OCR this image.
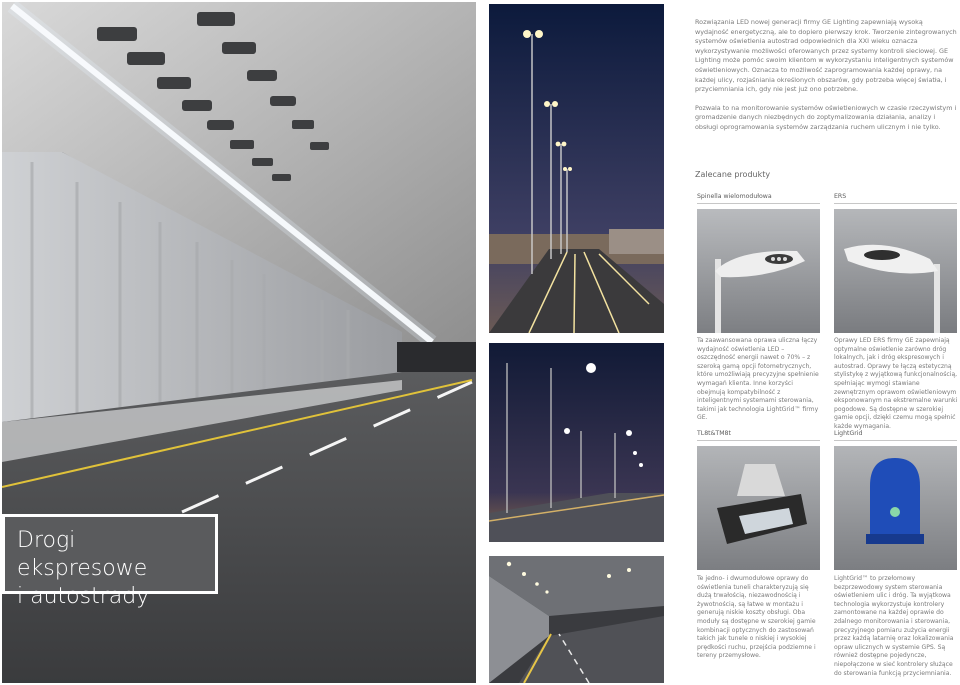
Drogi ekspresowe
i autostrady

Rozwiązania LED nowej generacji firmy GE Lighting zapewniają wysoką wydajność energetyczną, ale to dopiero pierwszy krok. Tworzenie zintegrowanych systemów oświetlenia autostrad odpowiednich dla XXI wieku oznacza wykorzystywanie możliwości oferowanych przez systemy kontroli sieciowej. GE Lighting może pomóc swoim klientom w wykorzystaniu inteligentnych systemów oświetleniowych. Oznacza to możliwość zaprogramowania każdej oprawy, na każdej ulicy, rozjaśniania określonych obszarów, gdy potrzeba więcej światła, i przyciemniania ich, gdy nie jest już ono potrzebne.

Pozwala to na monitorowanie systemów oświetleniowych w czasie rzeczywistym i gromadzenie danych niezbędnych do zoptymalizowania działania, analizy i obsługi oprogramowania systemów zarządzania ruchem ulicznym i nie tylko.

Zalecane produkty
Spinella wielomodułowa
Ta zaawansowana oprawa uliczna łączy wydajność oświetlenia LED – oszczędność energii nawet o 70% – z szeroką gamą opcji fotometrycznych, które umożliwiają precyzyjne spełnienie wymagań klienta. Inne korzyści obejmują kompatybilność z inteligentnymi systemami sterowania, takimi jak technologia LightGrid™ firmy GE.
ERS
Oprawy LED ERS firmy GE zapewniają optymalne oświetlenie zarówno dróg lokalnych, jak i dróg ekspresowych i autostrad. Oprawy te łączą estetyczną stylistykę z wyjątkową funkcjonalnością, spełniając wymogi stawiane zewnętrznym oprawom oświetleniowym eksponowanym na ekstremalne warunki pogodowe. Są dostępne w szerokiej gamie opcji, dzięki czemu mogą spełnić każde wymagania.
TL8t&TM8t
Te jedno- i dwumodułowe oprawy do oświetlenia tuneli charakteryzują się dużą trwałością, niezawodnością i żywotnością, są łatwe w montażu i generują niskie koszty obsługi. Oba moduły są dostępne w szerokiej gamie kombinacji optycznych do zastosowań takich jak tunele o niskiej i wysokiej prędkości ruchu, przejścia podziemne i tereny przemysłowe.
LightGrid
LightGrid™ to przełomowy bezprzewodowy system sterowania oświetleniem ulic i dróg. Ta wyjątkowa technologia wykorzystuje kontrolery zamontowane na każdej oprawie do zdalnego monitorowania i sterowania, precyzyjnego pomiaru zużycia energii przez każdą latarnię oraz lokalizowania opraw ulicznych w systemie GPS. Są również dostępne pojedyncze, niepołączone w sieć kontrolery służące do sterowania funkcją przyciemniania.
